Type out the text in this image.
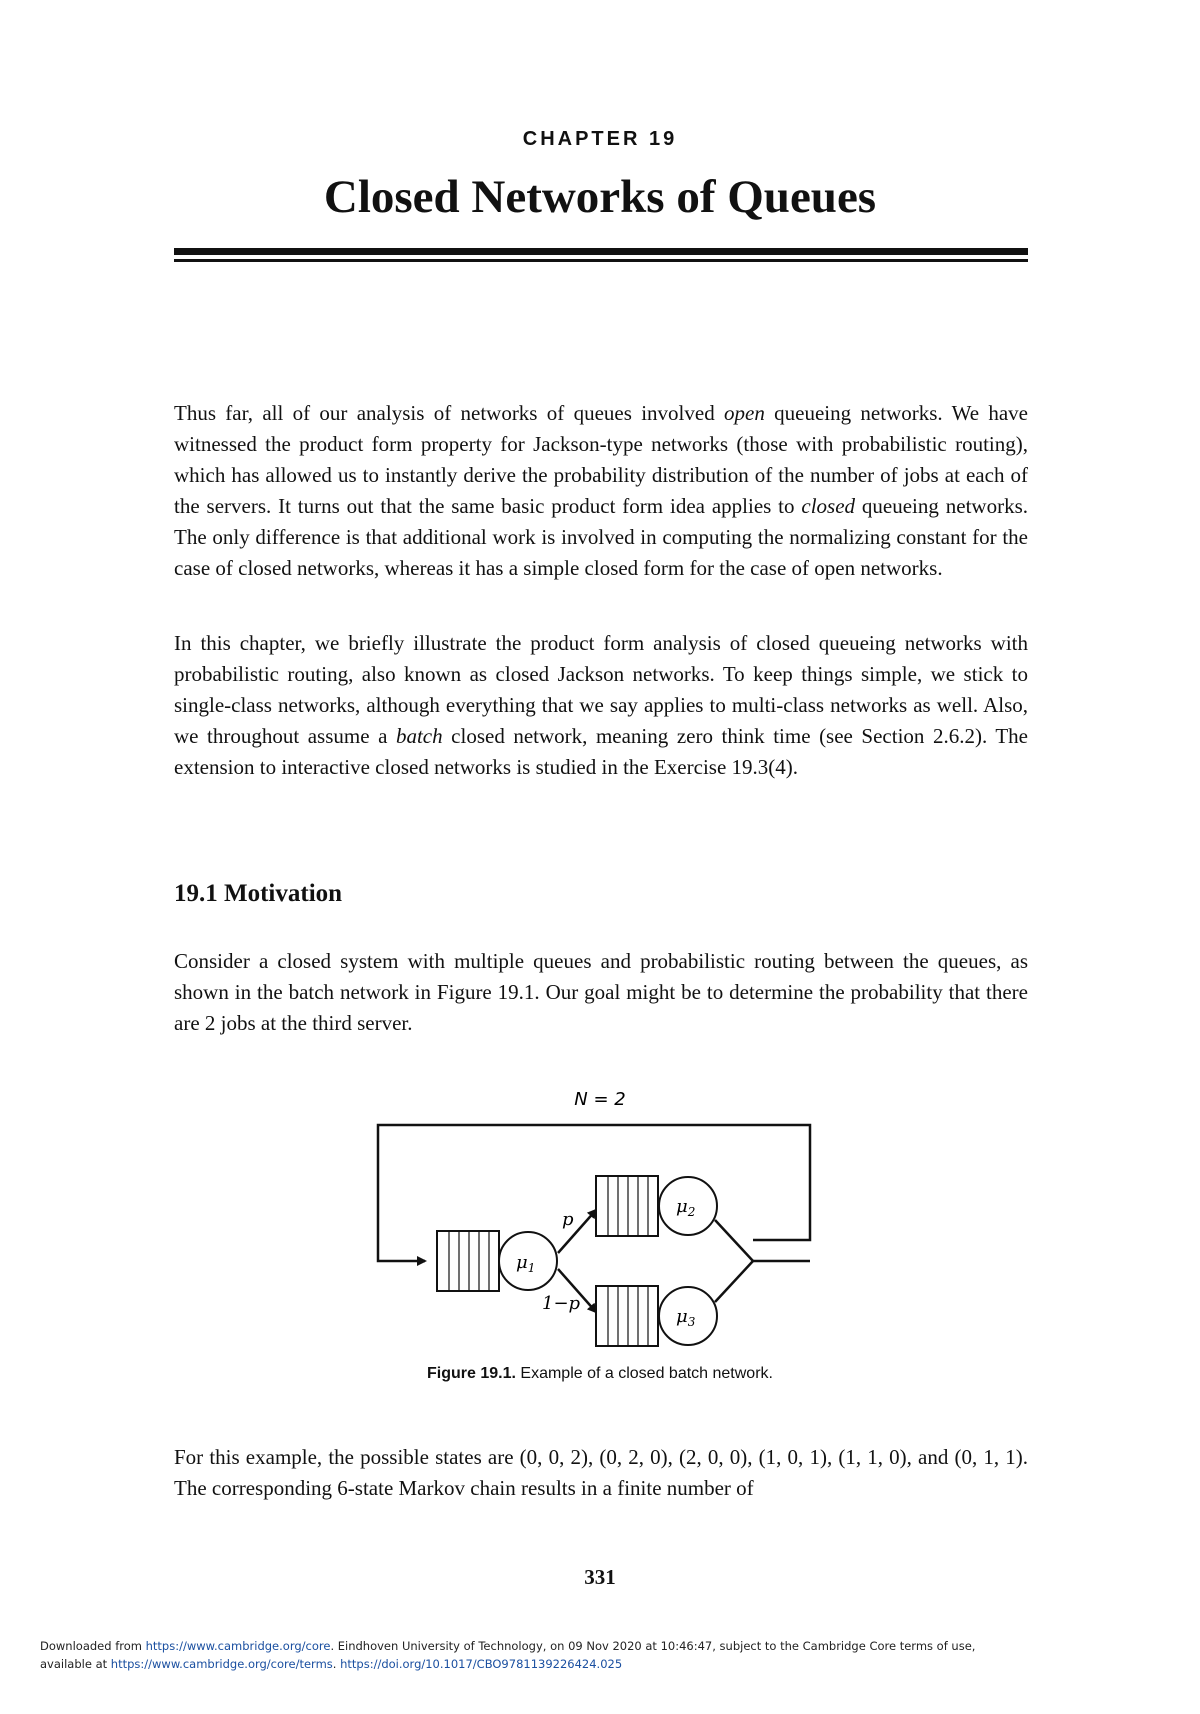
CHAPTER 19
Closed Networks of Queues

Thus far, all of our analysis of networks of queues involved open queueing networks. We have witnessed the product form property for Jackson-type networks (those with probabilistic routing), which has allowed us to instantly derive the probability distribution of the number of jobs at each of the servers. It turns out that the same basic product form idea applies to closed queueing networks. The only difference is that additional work is involved in computing the normalizing constant for the case of closed networks, whereas it has a simple closed form for the case of open networks.

In this chapter, we briefly illustrate the product form analysis of closed queueing networks with probabilistic routing, also known as closed Jackson networks. To keep things simple, we stick to single-class networks, although everything that we say applies to multi-class networks as well. Also, we throughout assume a batch closed network, meaning zero think time (see Section 2.6.2). The extension to interactive closed networks is studied in the Exercise 19.3(4).

19.1 Motivation

Consider a closed system with multiple queues and probabilistic routing between the queues, as shown in the batch network in Figure 19.1. Our goal might be to determine the probability that there are 2 jobs at the third server.

N = 2
$\mu_1$
p
1−p
$\mu_2$
$\mu_3$
Figure 19.1. Example of a closed batch network.

For this example, the possible states are (0, 0, 2), (0, 2, 0), (2, 0, 0), (1, 0, 1), (1, 1, 0), and (0, 1, 1). The corresponding 6-state Markov chain results in a finite number of

331
Downloaded from https://www.cambridge.org/core. Eindhoven University of Technology, on 09 Nov 2020 at 10:46:47, subject to the Cambridge Core terms of use,
available at https://www.cambridge.org/core/terms. https://doi.org/10.1017/CBO9781139226424.025
